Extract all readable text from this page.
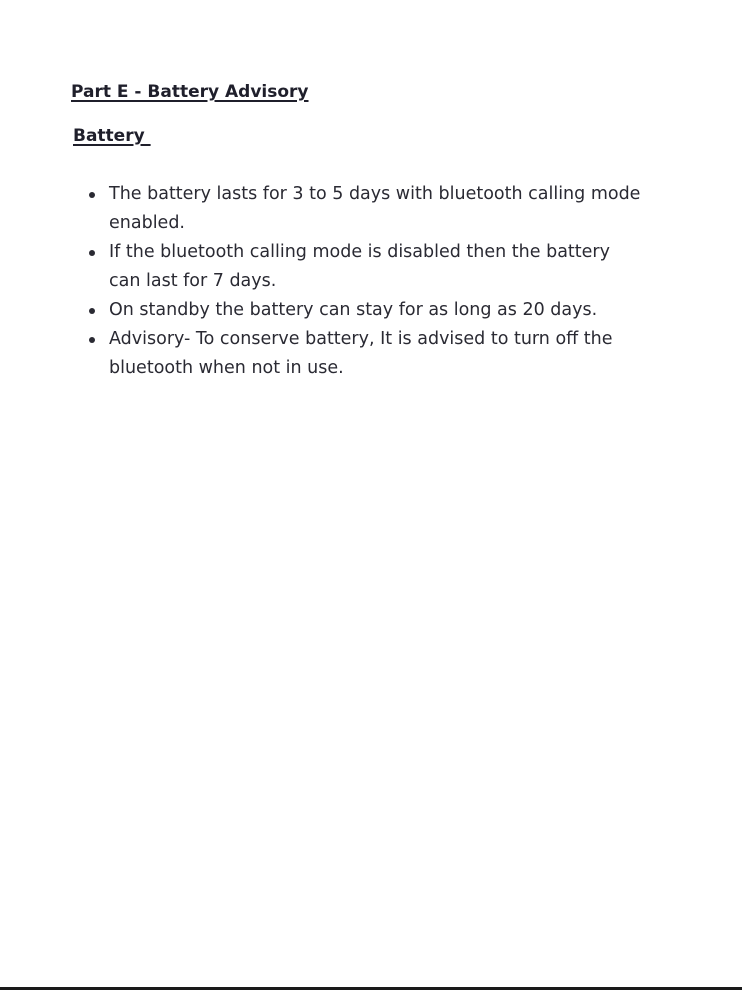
Part E - Battery Advisory
Battery
The battery lasts for 3 to 5 days with bluetooth calling mode enabled.
If the bluetooth calling mode is disabled then the battery can last for 7 days.
On standby the battery can stay for as long as 20 days.
Advisory- To conserve battery, It is advised to turn off the bluetooth when not in use.
